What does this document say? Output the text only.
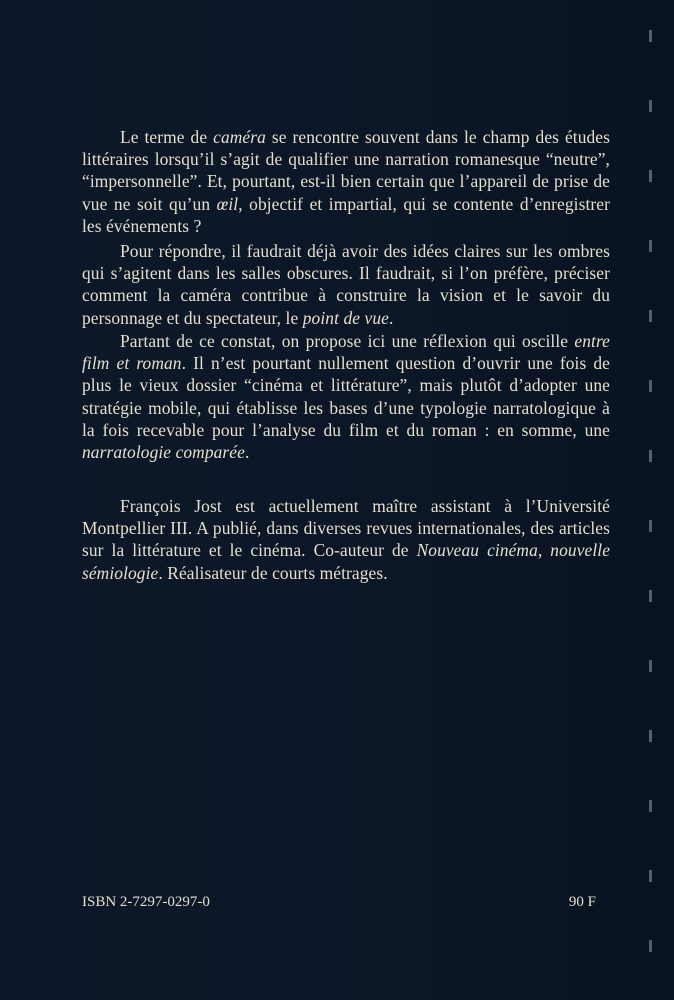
Le terme de caméra se rencontre souvent dans le champ des études littéraires lorsqu’il s’agit de qualifier une narration romanesque “neutre”, “impersonnelle”. Et, pourtant, est-il bien certain que l’appareil de prise de vue ne soit qu’un œil, objectif et impartial, qui se contente d’enregistrer les événements ?

Pour répondre, il faudrait déjà avoir des idées claires sur les ombres qui s’agitent dans les salles obscures. Il faudrait, si l’on préfère, préciser comment la caméra contribue à construire la vision et le savoir du personnage et du spectateur, le point de vue.

Partant de ce constat, on propose ici une réflexion qui oscille entre film et roman. Il n’est pourtant nullement question d’ouvrir une fois de plus le vieux dossier “cinéma et littérature”, mais plutôt d’adopter une stratégie mobile, qui établisse les bases d’une typologie narratologique à la fois recevable pour l’analyse du film et du roman : en somme, une narratologie comparée.

François Jost est actuellement maître assistant à l’Université Montpellier III. A publié, dans diverses revues internationales, des articles sur la littérature et le cinéma. Co-auteur de Nouveau cinéma, nouvelle sémiologie. Réalisateur de courts métrages.

ISBN 2-7297-0297-0	90 F
